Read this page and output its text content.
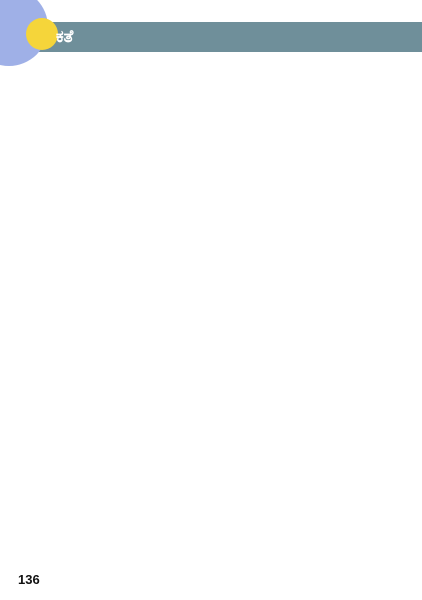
ಕತೆ

136
